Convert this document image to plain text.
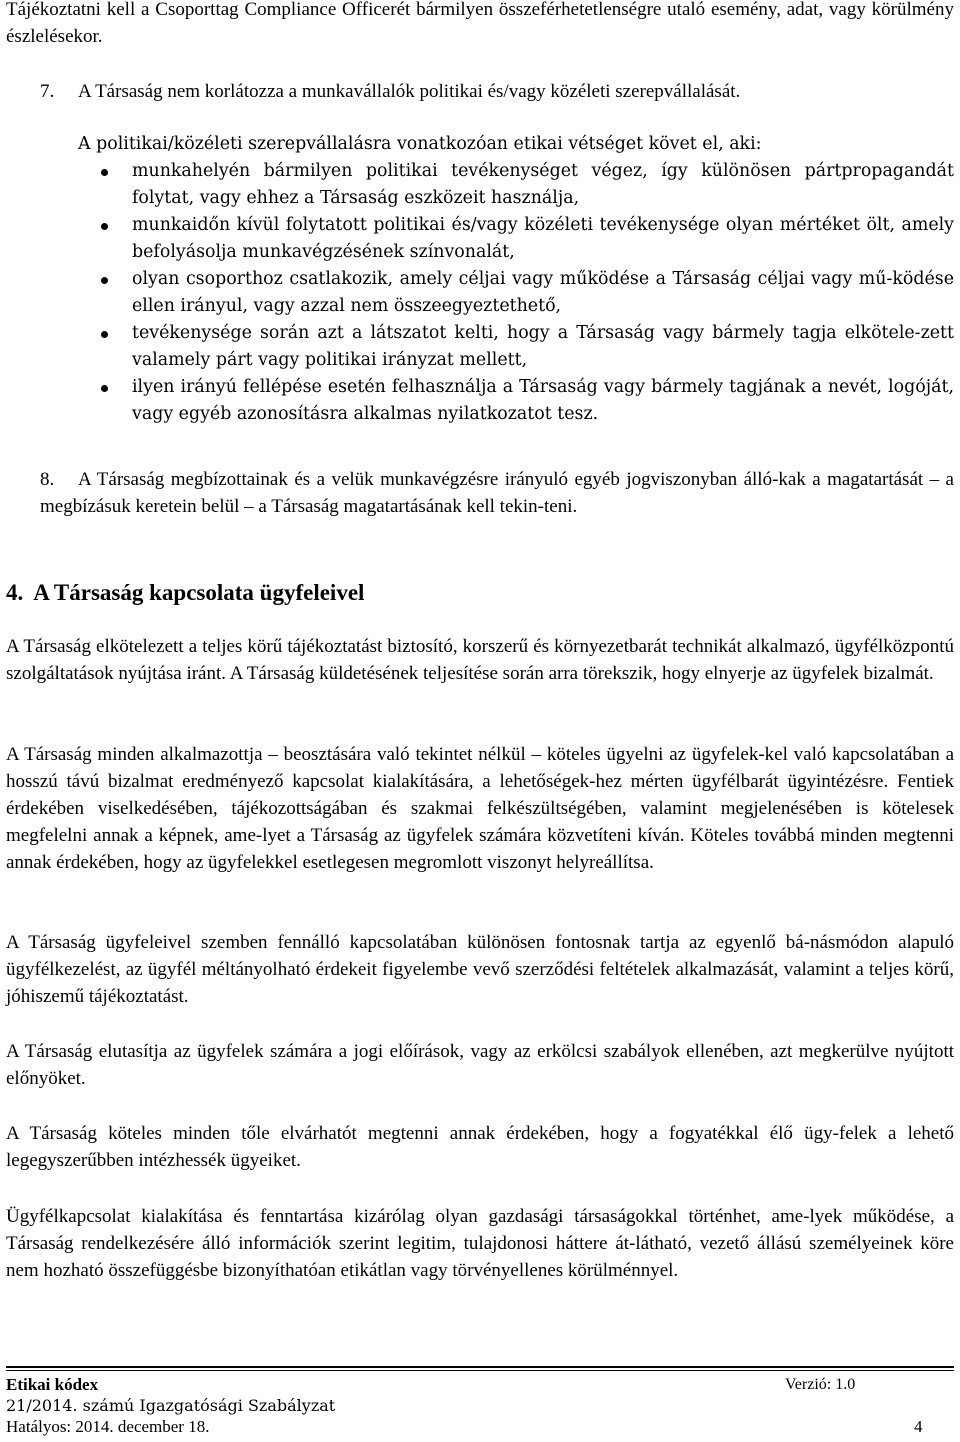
Tájékoztatni kell a Csoporttag Compliance Officerét bármilyen összeférhetetlenségre utaló esemény, adat, vagy körülmény észlelésekor.
7. A Társaság nem korlátozza a munkavállalók politikai és/vagy közéleti szerepvállalását.
A politikai/közéleti szerepvállalásra vonatkozóan etikai vétséget követ el, aki:
munkahelyén bármilyen politikai tevékenységet végez, így különösen pártpropagandát folytat, vagy ehhez a Társaság eszközeit használja,
munkaidőn kívül folytatott politikai és/vagy közéleti tevékenysége olyan mértéket ölt, amely befolyásolja munkavégzésének színvonalát,
olyan csoporthoz csatlakozik, amely céljai vagy működése a Társaság céljai vagy mű-ködése ellen irányul, vagy azzal nem összeegyeztethető,
tevékenysége során azt a látszatot kelti, hogy a Társaság vagy bármely tagja elkötele-zett valamely párt vagy politikai irányzat mellett,
ilyen irányú fellépése esetén felhasználja a Társaság vagy bármely tagjának a nevét, logóját, vagy egyéb azonosításra alkalmas nyilatkozatot tesz.
8. A Társaság megbízottainak és a velük munkavégzésre irányuló egyéb jogviszonyban álló-kak a magatartását – a megbízásuk keretein belül – a Társaság magatartásának kell tekin-teni.
4. A Társaság kapcsolata ügyfeleivel
A Társaság elkötelezett a teljes körű tájékoztatást biztosító, korszerű és környezetbarát technikát alkalmazó, ügyfélközpontú szolgáltatások nyújtása iránt. A Társaság küldetésének teljesítése során arra törekszik, hogy elnyerje az ügyfelek bizalmát.
A Társaság minden alkalmazottja – beosztására való tekintet nélkül – köteles ügyelni az ügyfelek-kel való kapcsolatában a hosszú távú bizalmat eredményező kapcsolat kialakítására, a lehetőségek-hez mérten ügyfélbarát ügyintézésre. Fentiek érdekében viselkedésében, tájékozottságában és szakmai felkészültségében, valamint megjelenésében is kötelesek megfelelni annak a képnek, ame-lyet a Társaság az ügyfelek számára közvetíteni kíván. Köteles továbbá minden megtenni annak érdekében, hogy az ügyfelekkel esetlegesen megromlott viszonyt helyreállítsa.
A Társaság ügyfeleivel szemben fennálló kapcsolatában különösen fontosnak tartja az egyenlő bá-násmódon alapuló ügyfélkezelést, az ügyfél méltányolható érdekeit figyelembe vevő szerződési feltételek alkalmazását, valamint a teljes körű, jóhiszemű tájékoztatást.
A Társaság elutasítja az ügyfelek számára a jogi előírások, vagy az erkölcsi szabályok ellenében, azt megkerülve nyújtott előnyöket.
A Társaság köteles minden tőle elvárhatót megtenni annak érdekében, hogy a fogyatékkal élő ügy-felek a lehető legegyszerűbben intézhessék ügyeiket.
Ügyfélkapcsolat kialakítása és fenntartása kizárólag olyan gazdasági társaságokkal történhet, ame-lyek működése, a Társaság rendelkezésére álló információk szerint legitim, tulajdonosi háttere át-látható, vezető állású személyeinek köre nem hozható összefüggésbe bizonyíthatóan etikátlan vagy törvényellenes körülménnyel.
Etikai kódex	Verzió: 1.0
21/2014. számú Igazgatósági Szabályzat
Hatályos: 2014. december 18.	4
